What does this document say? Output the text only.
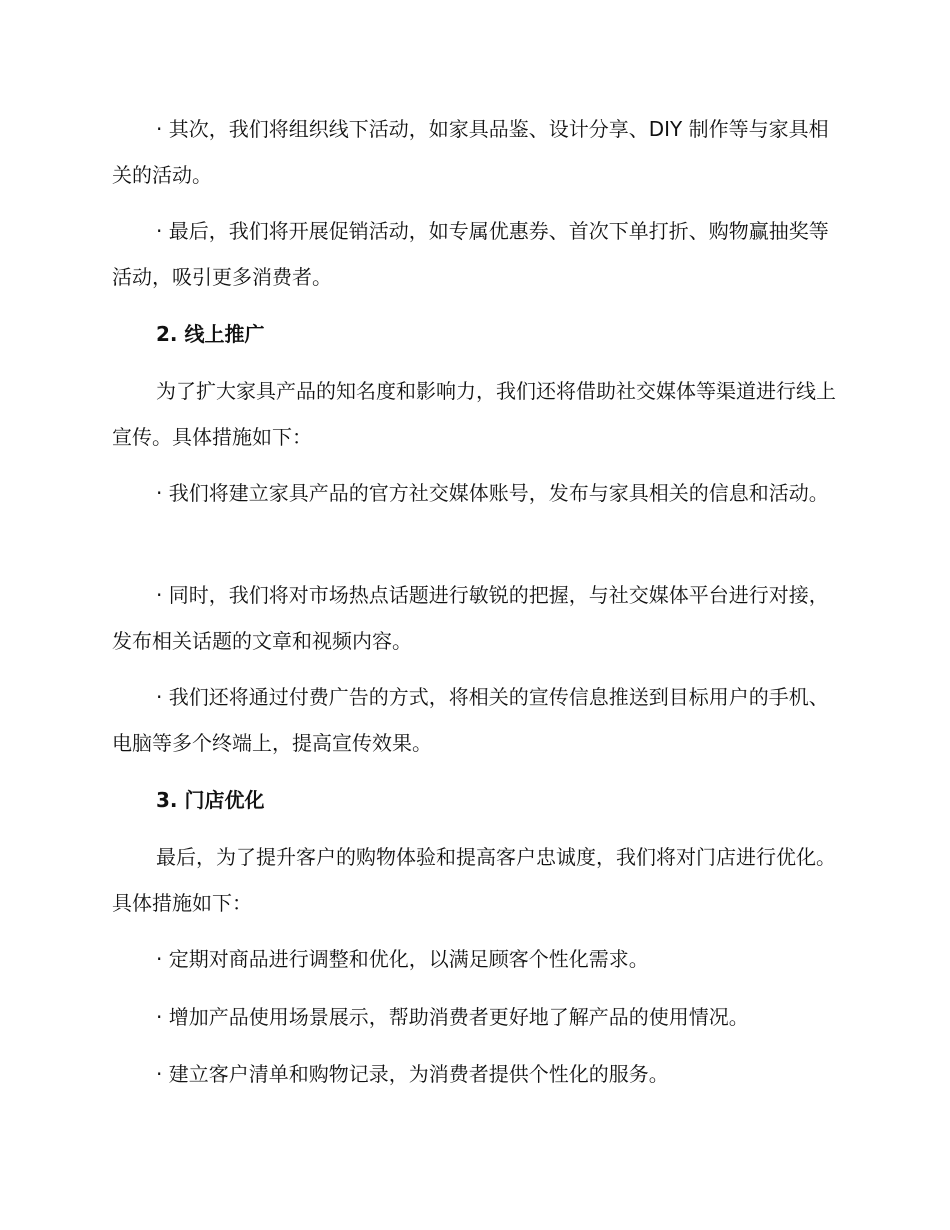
· 其次，我们将组织线下活动，如家具品鉴、设计分享、DIY 制作等与家具相关的活动。

· 最后，我们将开展促销活动，如专属优惠券、首次下单打折、购物赢抽奖等活动，吸引更多消费者。

2. 线上推广

为了扩大家具产品的知名度和影响力，我们还将借助社交媒体等渠道进行线上宣传。具体措施如下：

· 我们将建立家具产品的官方社交媒体账号，发布与家具相关的信息和活动。

· 同时，我们将对市场热点话题进行敏锐的把握，与社交媒体平台进行对接，发布相关话题的文章和视频内容。

· 我们还将通过付费广告的方式，将相关的宣传信息推送到目标用户的手机、电脑等多个终端上，提高宣传效果。

3. 门店优化

最后，为了提升客户的购物体验和提高客户忠诚度，我们将对门店进行优化。具体措施如下：

· 定期对商品进行调整和优化，以满足顾客个性化需求。

· 增加产品使用场景展示，帮助消费者更好地了解产品的使用情况。

· 建立客户清单和购物记录，为消费者提供个性化的服务。
